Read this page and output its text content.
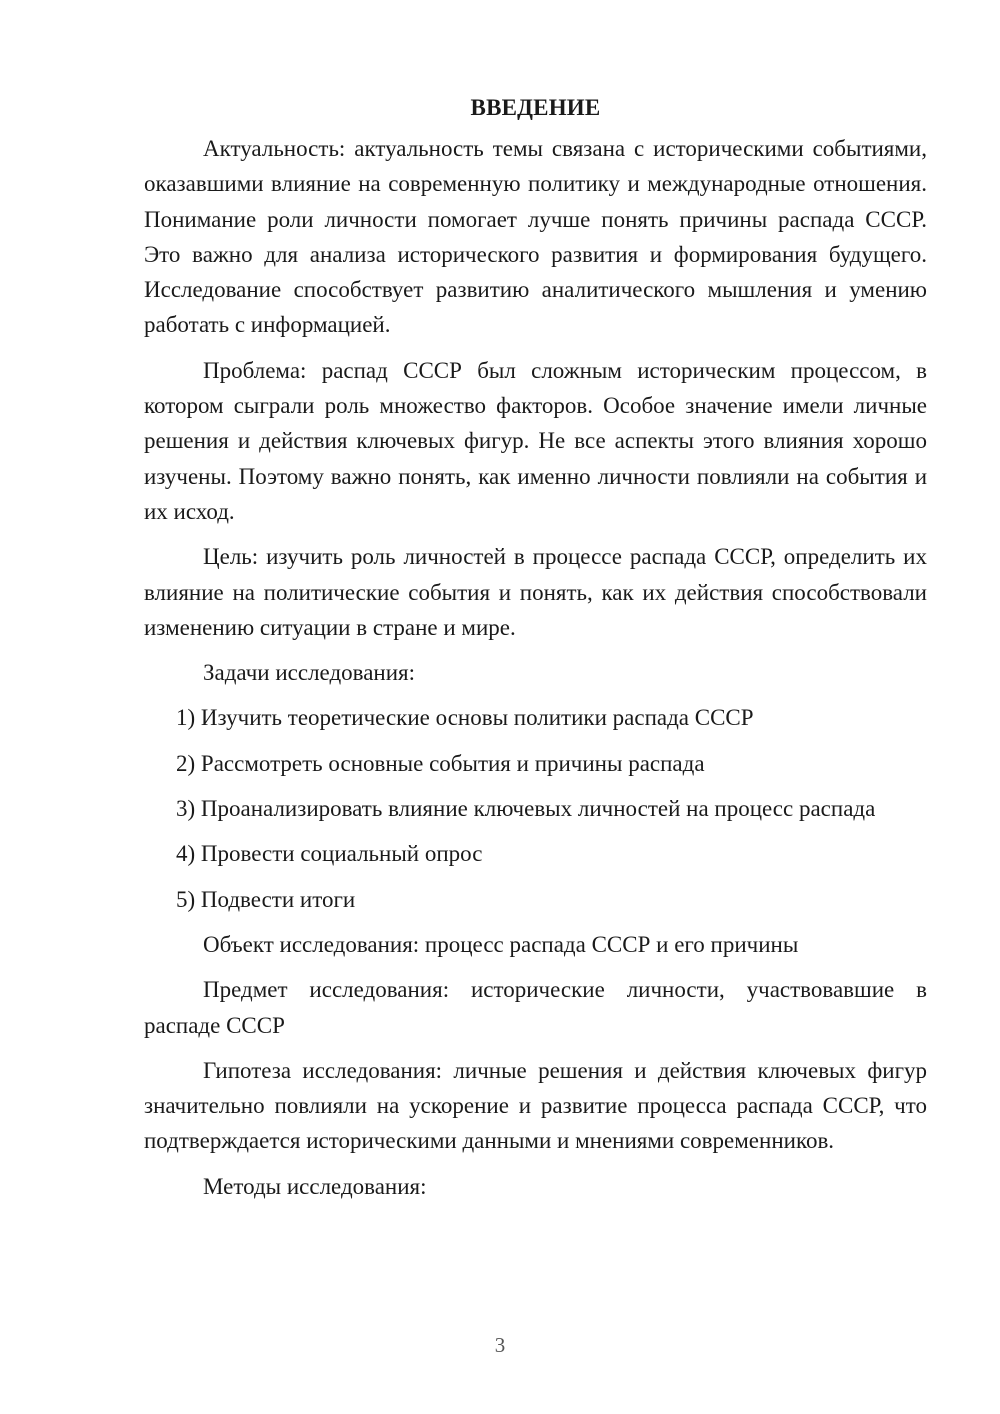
ВВЕДЕНИЕ

Актуальность: актуальность темы связана с историческими событиями, оказавшими влияние на современную политику и международные отношения. Понимание роли личности помогает лучше понять причины распада СССР. Это важно для анализа исторического развития и формирования будущего. Исследование способствует развитию аналитического мышления и умению работать с информацией.

Проблема: распад СССР был сложным историческим процессом, в котором сыграли роль множество факторов. Особое значение имели личные решения и действия ключевых фигур. Не все аспекты этого влияния хорошо изучены. Поэтому важно понять, как именно личности повлияли на события и их исход.

Цель: изучить роль личностей в процессе распада СССР, определить их влияние на политические события и понять, как их действия способствовали изменению ситуации в стране и мире.

Задачи исследования:

1) Изучить теоретические основы политики распада СССР

2) Рассмотреть основные события и причины распада

3) Проанализировать влияние ключевых личностей на процесс распада

4) Провести социальный опрос

5) Подвести итоги

Объект исследования: процесс распада СССР и его причины

Предмет исследования: исторические личности, участвовавшие в распаде СССР

Гипотеза исследования: личные решения и действия ключевых фигур значительно повлияли на ускорение и развитие процесса распада СССР, что подтверждается историческими данными и мнениями современников.

Методы исследования:

3
